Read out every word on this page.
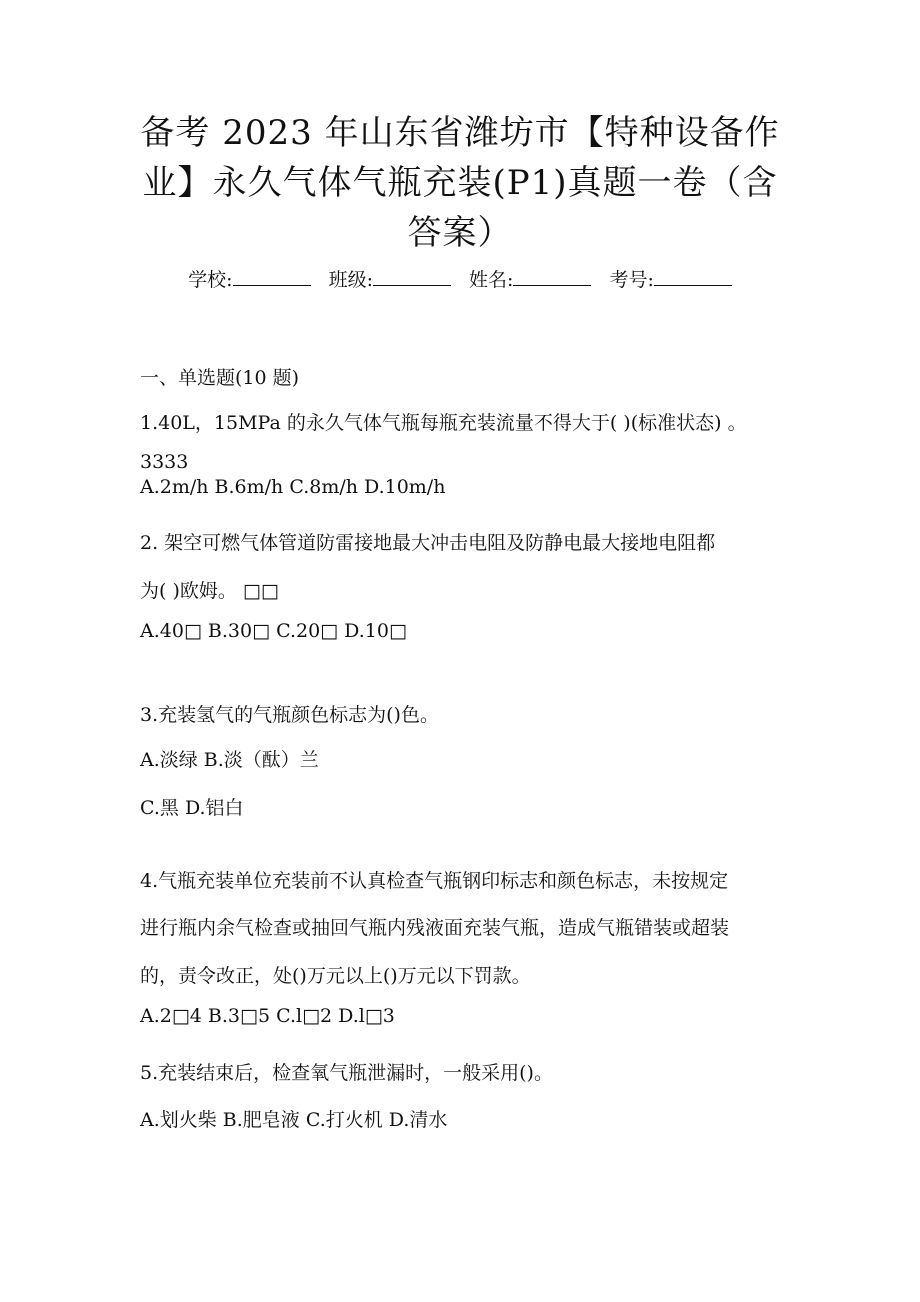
备考 2023 年山东省潍坊市【特种设备作
业】永久气体气瓶充装(P1)真题一卷（含
答案）
学校:	班级:	姓名:	考号:
一、单选题(10 题)
1.40L，15MPa 的永久气体气瓶每瓶充装流量不得大于( )(标准状态) 。
3333
A.2m/h B.6m/h C.8m/h D.10m/h
2. 架空可燃气体管道防雷接地最大冲击电阻及防静电最大接地电阻都
为( )欧姆。 □□
A.40□ B.30□ C.20□ D.10□
3.充装氢气的气瓶颜色标志为()色。
A.淡绿 B.淡（酞）兰
C.黑 D.铝白
4.气瓶充装单位充装前不认真检查气瓶钢印标志和颜色标志，未按规定
进行瓶内余气检查或抽回气瓶内残液面充装气瓶，造成气瓶错装或超装
的，责令改正，处()万元以上()万元以下罚款。
A.2□4 B.3□5 C.l□2 D.l□3
5.充装结束后，检查氧气瓶泄漏时，一般采用()。
A.划火柴 B.肥皂液 C.打火机 D.清水
